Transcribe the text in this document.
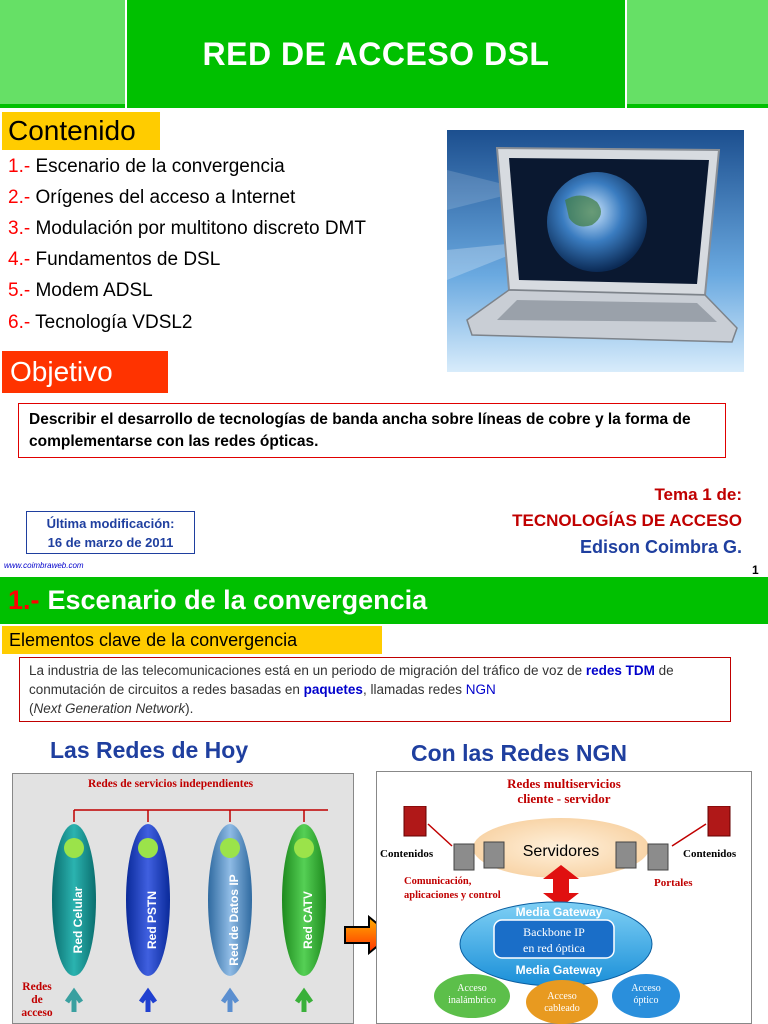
RED DE ACCESO DSL
Contenido
1.- Escenario de la convergencia
2.- Orígenes del acceso a Internet
3.- Modulación por multitono discreto DMT
4.- Fundamentos de DSL
5.- Modem ADSL
6.- Tecnología VDSL2
Objetivo
Describir el desarrollo de tecnologías de banda ancha sobre líneas de cobre y la forma de complementarse con las redes ópticas.
Tema 1 de:
TECNOLOGÍAS DE ACCESO
Edison Coimbra G.
Última modificación:
16 de marzo de 2011
www.coimbraweb.com	1
1.- Escenario de la convergencia
Elementos clave de la convergencia
La industria de las telecomunicaciones está en un periodo de migración del tráfico de voz de redes TDM de conmutación de circuitos a redes basadas en paquetes, llamadas redes NGN
(Next Generation Network).
Las Redes de Hoy	Con las Redes NGN
Redes de servicios independientes
Red Celular	Red PSTN	Red de Datos IP	Red CATV
Redes
de
acceso
Redes multiservicios
cliente - servidor
Servidores
Contenidos	Contenidos
Comunicación,
aplicaciones y control
Portales
Media Gateway
Backbone IP
en red óptica
Media Gateway
Acceso
inalámbrico	Acceso
cableado
Acceso
óptico
